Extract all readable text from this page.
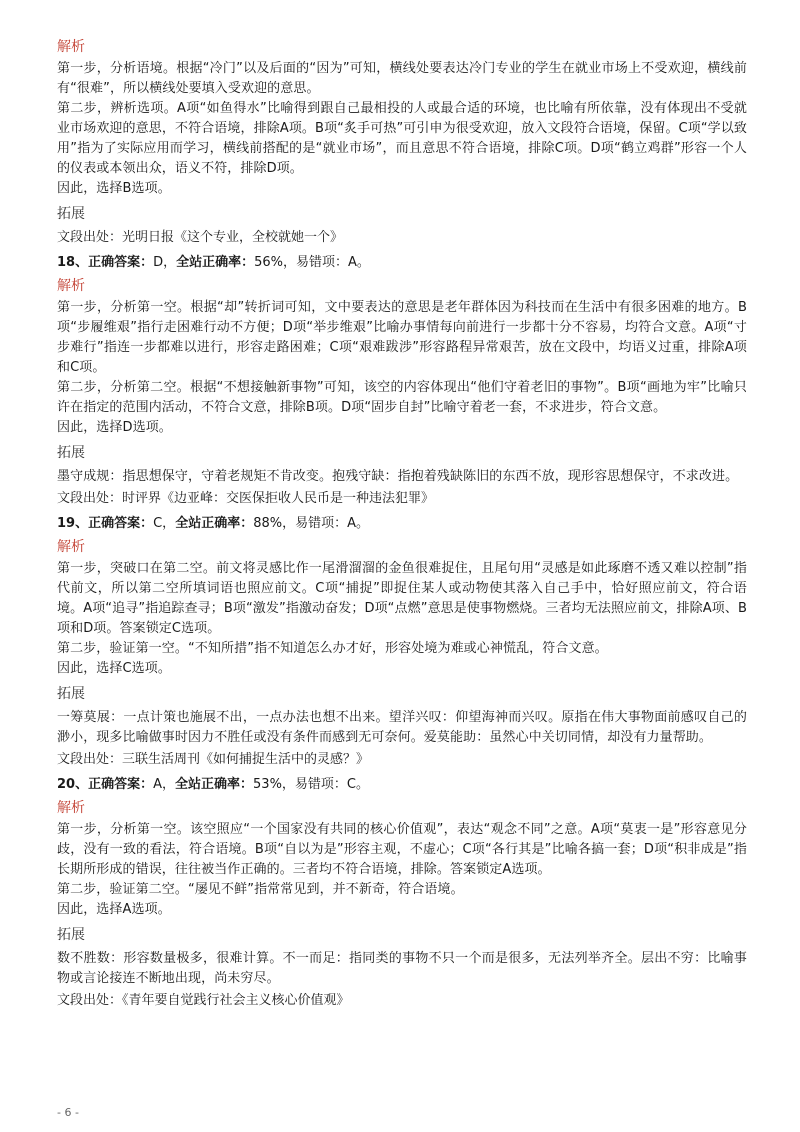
解析

第一步，分析语境。根据“冷门”以及后面的“因为”可知，横线处要表达冷门专业的学生在就业市场上不受欢迎，横线前有“很难”，所以横线处要填入受欢迎的意思。

第二步，辨析选项。A项“如鱼得水”比喻得到跟自己最相投的人或最合适的环境，也比喻有所依靠，没有体现出不受就业市场欢迎的意思，不符合语境，排除A项。B项“炙手可热”可引申为很受欢迎，放入文段符合语境，保留。C项“学以致用”指为了实际应用而学习，横线前搭配的是“就业市场”，而且意思不符合语境，排除C项。D项“鹤立鸡群”形容一个人的仪表或本领出众，语义不符，排除D项。

因此，选择B选项。

拓展

文段出处：光明日报《这个专业，全校就她一个》

18、正确答案：D，全站正确率：56%，易错项：A。

解析

第一步，分析第一空。根据“却”转折词可知，文中要表达的意思是老年群体因为科技而在生活中有很多困难的地方。B项“步履维艰”指行走困难行动不方便；D项“举步维艰”比喻办事情每向前进行一步都十分不容易，均符合文意。A项“寸步难行”指连一步都难以进行，形容走路困难；C项“艰难跋涉”形容路程异常艰苦，放在文段中，均语义过重，排除A项和C项。

第二步，分析第二空。根据“不想接触新事物”可知，该空的内容体现出“他们守着老旧的事物”。B项“画地为牢”比喻只许在指定的范围内活动，不符合文意，排除B项。D项“固步自封”比喻守着老一套，不求进步，符合文意。

因此，选择D选项。

拓展

墨守成规：指思想保守，守着老规矩不肯改变。抱残守缺：指抱着残缺陈旧的东西不放，现形容思想保守，不求改进。

文段出处：时评界《边亚峰：交医保拒收人民币是一种违法犯罪》

19、正确答案：C，全站正确率：88%，易错项：A。

解析

第一步，突破口在第二空。前文将灵感比作一尾滑溜溜的金鱼很难捉住，且尾句用“灵感是如此琢磨不透又难以控制”指代前文，所以第二空所填词语也照应前文。C项“捕捉”即捉住某人或动物使其落入自己手中，恰好照应前文，符合语境。A项“追寻”指追踪查寻；B项“激发”指激动奋发；D项“点燃”意思是使事物燃烧。三者均无法照应前文，排除A项、B项和D项。答案锁定C选项。

第二步，验证第一空。“不知所措”指不知道怎么办才好，形容处境为难或心神慌乱，符合文意。

因此，选择C选项。

拓展

一筹莫展：一点计策也施展不出，一点办法也想不出来。望洋兴叹：仰望海神而兴叹。原指在伟大事物面前感叹自己的渺小，现多比喻做事时因力不胜任或没有条件而感到无可奈何。爱莫能助：虽然心中关切同情，却没有力量帮助。

文段出处：三联生活周刊《如何捕捉生活中的灵感？》

20、正确答案：A，全站正确率：53%，易错项：C。

解析

第一步，分析第一空。该空照应“一个国家没有共同的核心价值观”，表达“观念不同”之意。A项“莫衷一是”形容意见分歧，没有一致的看法，符合语境。B项“自以为是”形容主观，不虚心；C项“各行其是”比喻各搞一套；D项“积非成是”指长期所形成的错误，往往被当作正确的。三者均不符合语境，排除。答案锁定A选项。

第二步，验证第二空。“屡见不鲜”指常常见到，并不新奇，符合语境。

因此，选择A选项。

拓展

数不胜数：形容数量极多，很难计算。不一而足：指同类的事物不只一个而是很多，无法列举齐全。层出不穷：比喻事物或言论接连不断地出现，尚未穷尽。

文段出处：《青年要自觉践行社会主义核心价值观》

- 6 -
